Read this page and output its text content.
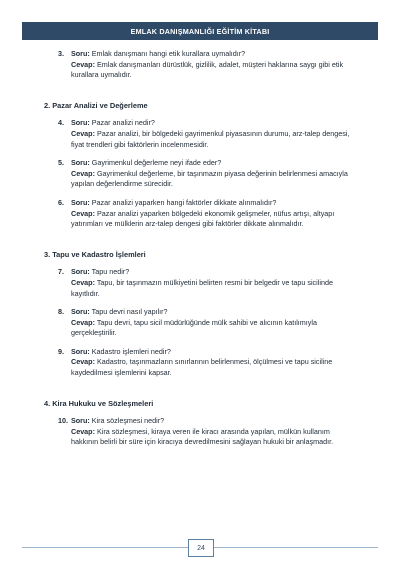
EMLAK DANIŞMANLIĞI EĞİTİM KİTABI
3. Soru: Emlak danışmanı hangi etik kurallara uymalıdır?
Cevap: Emlak danışmanları dürüstlük, gizlilik, adalet, müşteri haklarına saygı gibi etik kurallara uymalıdır.
2. Pazar Analizi ve Değerleme
4. Soru: Pazar analizi nedir?
Cevap: Pazar analizi, bir bölgedeki gayrimenkul piyasasının durumu, arz-talep dengesi, fiyat trendleri gibi faktörlerin incelenmesidir.
5. Soru: Gayrimenkul değerleme neyi ifade eder?
Cevap: Gayrimenkul değerleme, bir taşınmazın piyasa değerinin belirlenmesi amacıyla yapılan değerlendirme sürecidir.
6. Soru: Pazar analizi yaparken hangi faktörler dikkate alınmalıdır?
Cevap: Pazar analizi yaparken bölgedeki ekonomik gelişmeler, nüfus artışı, altyapı yatırımları ve mülklerin arz-talep dengesi gibi faktörler dikkate alınmalıdır.
3. Tapu ve Kadastro İşlemleri
7. Soru: Tapu nedir?
Cevap: Tapu, bir taşınmazın mülkiyetini belirten resmi bir belgedir ve tapu sicilinde kayıtlıdır.
8. Soru: Tapu devri nasıl yapılır?
Cevap: Tapu devri, tapu sicil müdürlüğünde mülk sahibi ve alıcının katılımıyla gerçekleştirilir.
9. Soru: Kadastro işlemleri nedir?
Cevap: Kadastro, taşınmazların sınırlarının belirlenmesi, ölçülmesi ve tapu siciline kaydedilmesi işlemlerini kapsar.
4. Kira Hukuku ve Sözleşmeleri
10. Soru: Kira sözleşmesi nedir?
Cevap: Kira sözleşmesi, kiraya veren ile kiracı arasında yapılan, mülkün kullanım hakkının belirli bir süre için kiracıya devredilmesini sağlayan hukuki bir anlaşmadır.
24
